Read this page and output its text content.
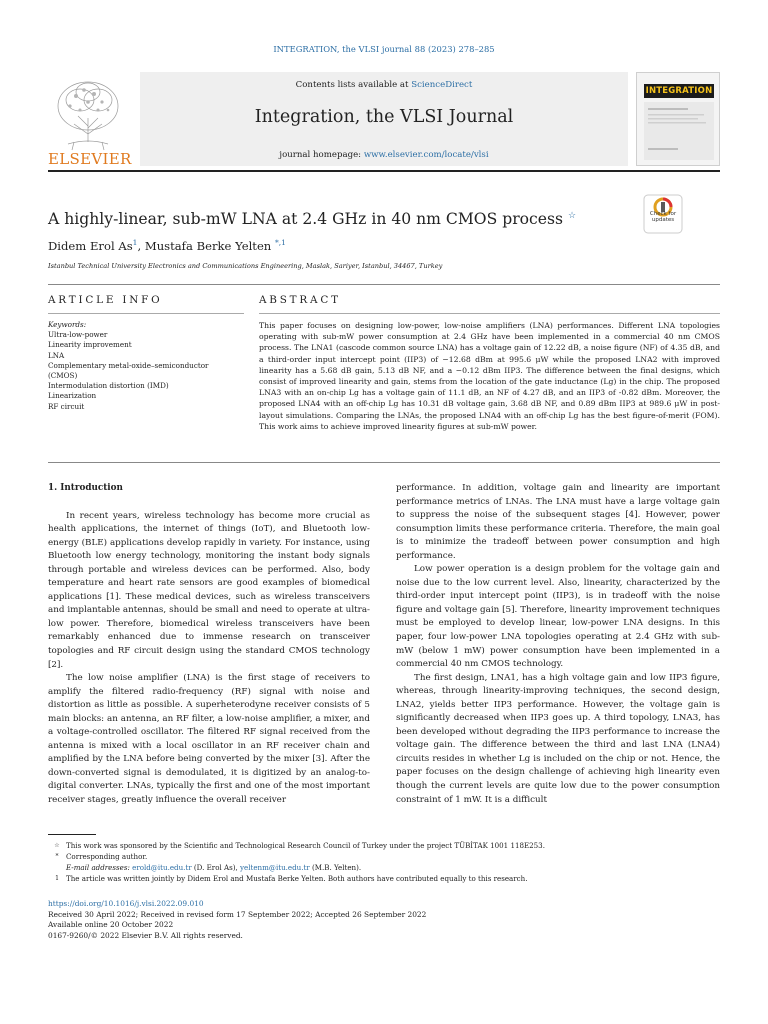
INTEGRATION, the VLSI journal 88 (2023) 278–285
ELSEVIER
Contents lists available at ScienceDirect
Integration, the VLSI Journal
journal homepage: www.elsevier.com/locate/vlsi
INTEGRATION
A highly-linear, sub-mW LNA at 2.4 GHz in 40 nm CMOS process ☆
Didem Erol As$^1$, Mustafa Berke Yelten $^{*,1}$
Istanbul Technical University Electronics and Communications Engineering, Maslak, Sariyer, Istanbul, 34467, Turkey
Check for updates
ARTICLE INFO	ABSTRACT
Keywords:
Ultra-low-power
Linearity improvement
LNA
Complementary metal-oxide–semiconductor
(CMOS)
Intermodulation distortion (IMD)
Linearization
RF circuit
This paper focuses on designing low-power, low-noise amplifiers (LNA) performances. Different LNA topologies operating with sub-mW power consumption at 2.4 GHz have been implemented in a commercial 40 nm CMOS process. The LNA1 (cascode common source LNA) has a voltage gain of 12.22 dB, a noise figure (NF) of 4.35 dB, and a third-order input intercept point (IIP3) of −12.68 dBm at 995.6 μW while the proposed LNA2 with improved linearity has a 5.68 dB gain, 5.13 dB NF, and a −0.12 dBm IIP3. The difference between the final designs, which consist of improved linearity and gain, stems from the location of the gate inductance (Lg) in the chip. The proposed LNA3 with an on-chip Lg has a voltage gain of 11.1 dB, an NF of 4.27 dB, and an IIP3 of -0.82 dBm. Moreover, the proposed LNA4 with an off-chip Lg has 10.31 dB voltage gain, 3.68 dB NF, and 0.89 dBm IIP3 at 989.6 μW in post-layout simulations. Comparing the LNAs, the proposed LNA4 with an off-chip Lg has the best figure-of-merit (FOM). This work aims to achieve improved linearity figures at sub-mW power.

1. Introduction

In recent years, wireless technology has become more crucial as health applications, the internet of things (IoT), and Bluetooth low-energy (BLE) applications develop rapidly in variety. For instance, using Bluetooth low energy technology, monitoring the instant body signals through portable and wireless devices can be performed. Also, body temperature and heart rate sensors are good examples of biomedical applications [1]. These medical devices, such as wireless transceivers and implantable antennas, should be small and need to operate at ultra-low power. Therefore, biomedical wireless transceivers have been remarkably enhanced due to immense research on transceiver topologies and RF circuit design using the standard CMOS technology [2].

The low noise amplifier (LNA) is the first stage of receivers to amplify the filtered radio-frequency (RF) signal with noise and distortion as little as possible. A superheterodyne receiver consists of 5 main blocks: an antenna, an RF filter, a low-noise amplifier, a mixer, and a voltage-controlled oscillator. The filtered RF signal received from the antenna is mixed with a local oscillator in an RF receiver chain and amplified by the LNA before being converted by the mixer [3]. After the down-converted signal is demodulated, it is digitized by an analog-to-digital converter. LNAs, typically the first and one of the most important receiver stages, greatly influence the overall receiver

performance. In addition, voltage gain and linearity are important performance metrics of LNAs. The LNA must have a large voltage gain to suppress the noise of the subsequent stages [4]. However, power consumption limits these performance criteria. Therefore, the main goal is to minimize the tradeoff between power consumption and high performance.

Low power operation is a design problem for the voltage gain and noise due to the low current level. Also, linearity, characterized by the third-order input intercept point (IIP3), is in tradeoff with the noise figure and voltage gain [5]. Therefore, linearity improvement techniques must be employed to develop linear, low-power LNA designs. In this paper, four low-power LNA topologies operating at 2.4 GHz with sub-mW (below 1 mW) power consumption have been implemented in a commercial 40 nm CMOS technology.

The first design, LNA1, has a high voltage gain and low IIP3 figure, whereas, through linearity-improving techniques, the second design, LNA2, yields better IIP3 performance. However, the voltage gain is significantly decreased when IIP3 goes up. A third topology, LNA3, has been developed without degrading the IIP3 performance to increase the voltage gain. The difference between the third and last LNA (LNA4) circuits resides in whether Lg is included on the chip or not. Hence, the paper focuses on the design challenge of achieving high linearity even though the current levels are quite low due to the power consumption constraint of 1 mW. It is a difficult

☆ This work was sponsored by the Scientific and Technological Research Council of Turkey under the project TÜBİTAK 1001 118E253.
* Corresponding author.
E-mail addresses: erold@itu.edu.tr (D. Erol As), yeltenm@itu.edu.tr (M.B. Yelten).
1 The article was written jointly by Didem Erol and Mustafa Berke Yelten. Both authors have contributed equally to this research.
https://doi.org/10.1016/j.vlsi.2022.09.010
Received 30 April 2022; Received in revised form 17 September 2022; Accepted 26 September 2022
Available online 20 October 2022
0167-9260/© 2022 Elsevier B.V. All rights reserved.
